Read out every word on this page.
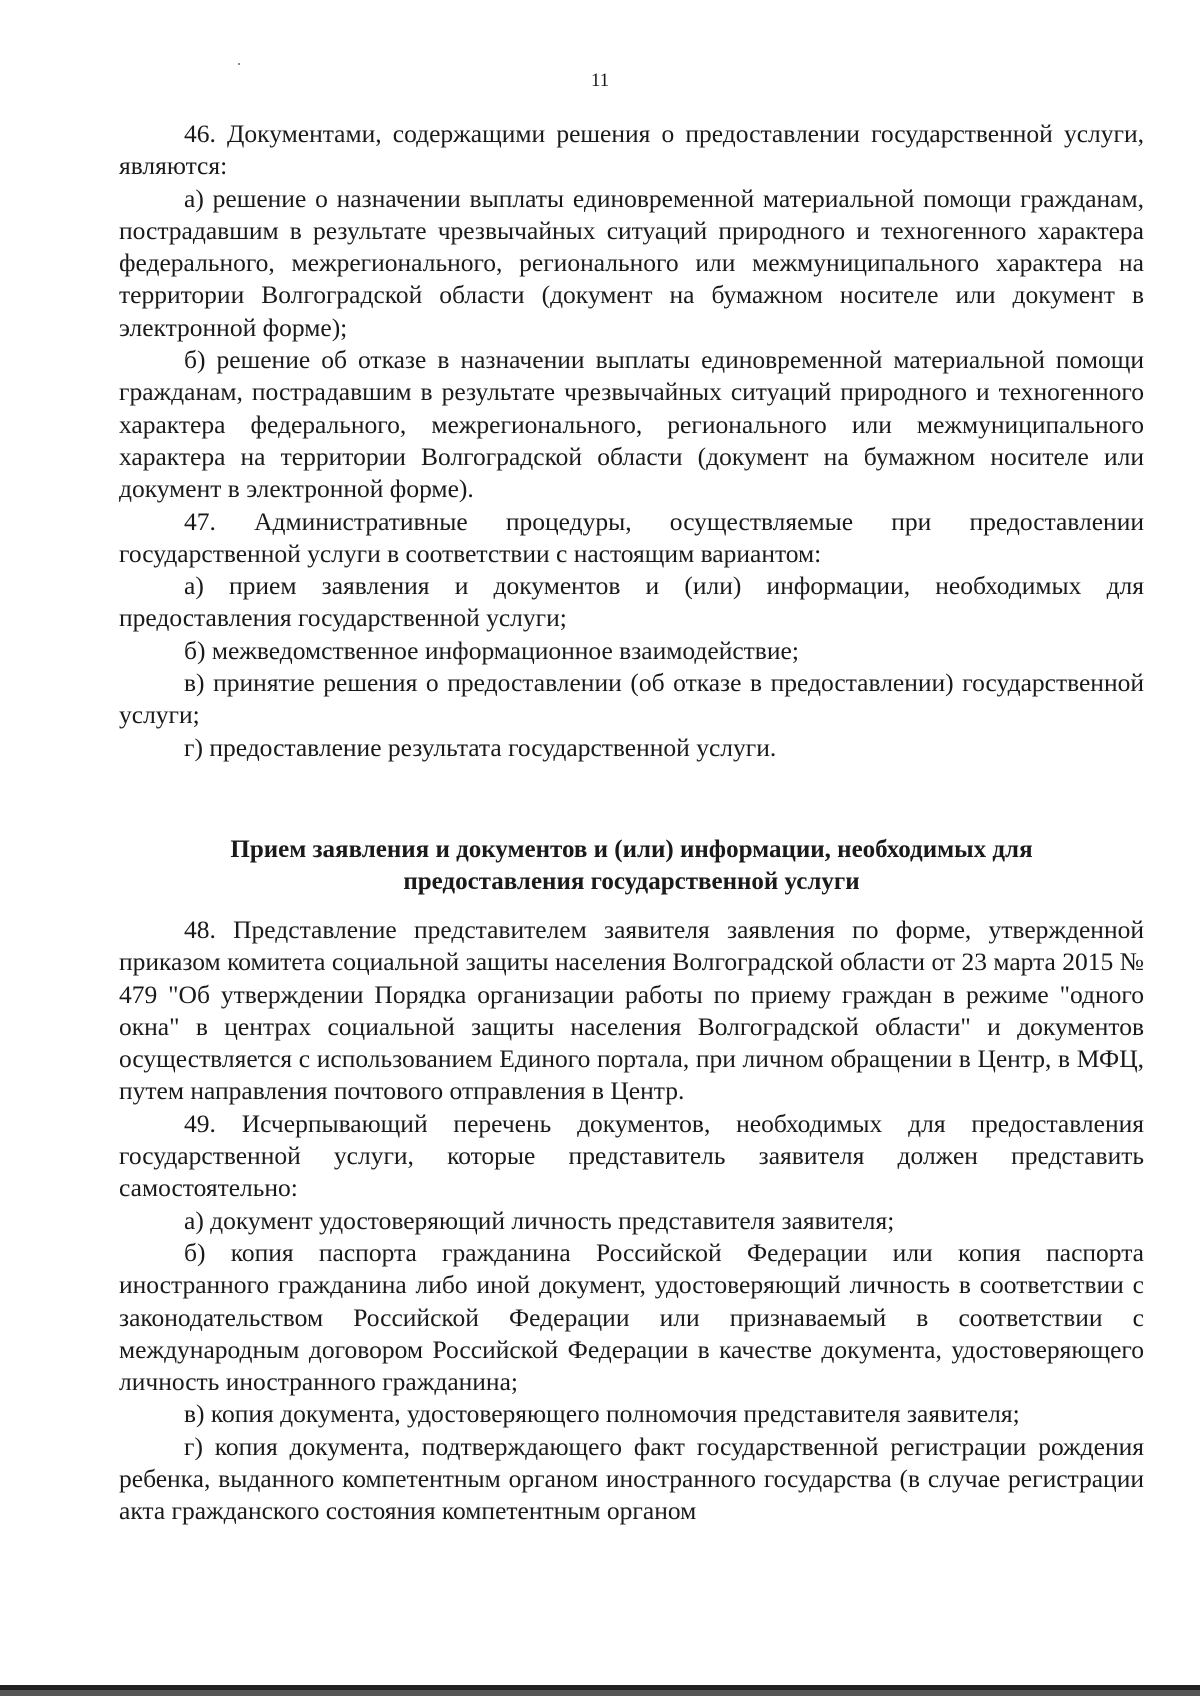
11

46. Документами, содержащими решения о предоставлении государственной услуги, являются:

а) решение о назначении выплаты единовременной материальной помощи гражданам, пострадавшим в результате чрезвычайных ситуаций природного и техногенного характера федерального, межрегионального, регионального или межмуниципального характера на территории Волгоградской области (документ на бумажном носителе или документ в электронной форме);

б) решение об отказе в назначении выплаты единовременной материальной помощи гражданам, пострадавшим в результате чрезвычайных ситуаций природного и техногенного характера федерального, межрегионального, регионального или межмуниципального характера на территории Волгоградской области (документ на бумажном носителе или документ в электронной форме).

47. Административные процедуры, осуществляемые при предоставлении государственной услуги в соответствии с настоящим вариантом:

а) прием заявления и документов и (или) информации, необходимых для предоставления государственной услуги;

б) межведомственное информационное взаимодействие;

в) принятие решения о предоставлении (об отказе в предоставлении) государственной услуги;

г) предоставление результата государственной услуги.

Прием заявления и документов и (или) информации, необходимых для
предоставления государственной услуги

48. Представление представителем заявителя заявления по форме, утвержденной приказом комитета социальной защиты населения Волгоградской области от 23 марта 2015 № 479 "Об утверждении Порядка организации работы по приему граждан в режиме "одного окна" в центрах социальной защиты населения Волгоградской области" и документов осуществляется с использованием Единого портала, при личном обращении в Центр, в МФЦ, путем направления почтового отправления в Центр.

49. Исчерпывающий перечень документов, необходимых для предоставления государственной услуги, которые представитель заявителя должен представить самостоятельно:

а) документ удостоверяющий личность представителя заявителя;

б) копия паспорта гражданина Российской Федерации или копия паспорта иностранного гражданина либо иной документ, удостоверяющий личность в соответствии с законодательством Российской Федерации или признаваемый в соответствии с международным договором Российской Федерации в качестве документа, удостоверяющего личность иностранного гражданина;

в) копия документа, удостоверяющего полномочия представителя заявителя;

г) копия документа, подтверждающего факт государственной регистрации рождения ребенка, выданного компетентным органом иностранного государства (в случае регистрации акта гражданского состояния компетентным органом
